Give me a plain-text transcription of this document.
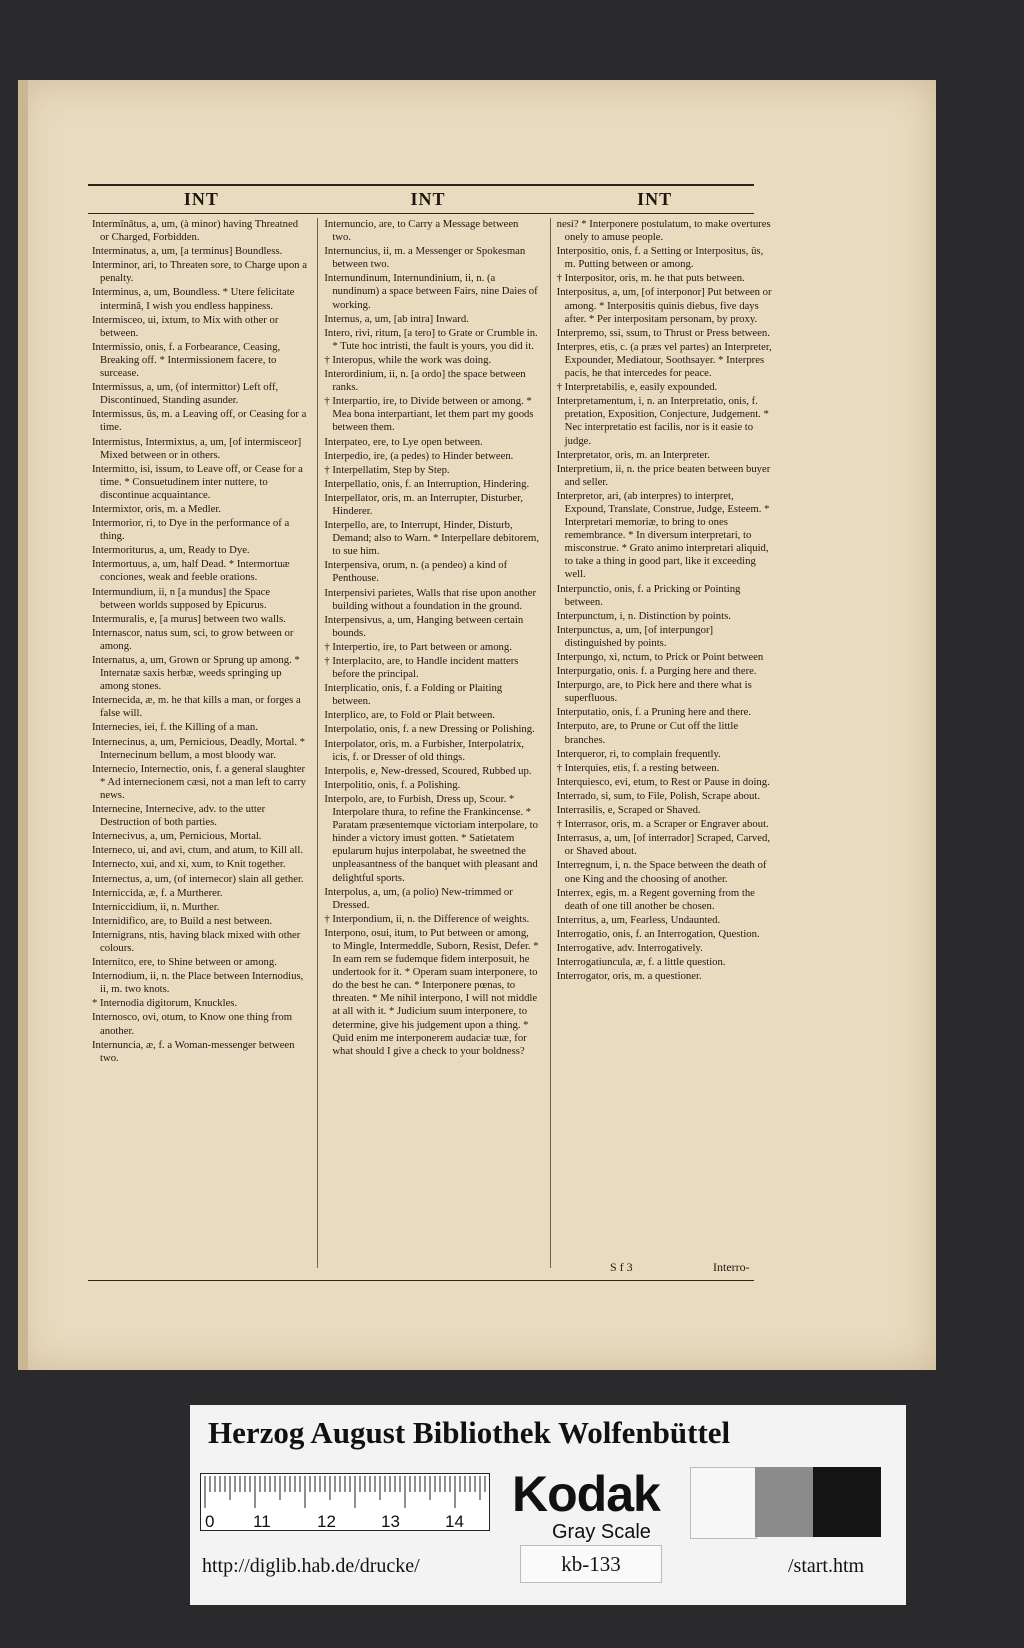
INT	INT	INT

Intermīnātus, a, um, (à minor) having Threatned or Charged, Forbidden.

Interminatus, a, um, [a terminus] Boundless.

Interminor, ari, to Threaten sore, to Charge upon a penalty.

Interminus, a, um, Boundless. * Utere felicitate interminâ, I wish you endless happiness.

Intermisceo, ui, ixtum, to Mix with other or between.

Intermissio, onis, f. a Forbearance, Ceasing, Breaking off. * Intermissionem facere, to surcease.

Intermissus, a, um, (of intermittor) Left off, Discontinued, Standing asunder.

Intermissus, ûs, m. a Leaving off, or Ceasing for a time.

Intermistus, Intermixtus, a, um, [of intermisceor] Mixed between or in others.

Intermitto, isi, issum, to Leave off, or Cease for a time. * Consuetudinem inter nuttere, to discontinue acquaintance.

Intermixtor, oris, m. a Medler.

Intermorior, ri, to Dye in the performance of a thing.

Intermoriturus, a, um, Ready to Dye.

Intermortuus, a, um, half Dead. * Intermortuæ conciones, weak and feeble orations.

Intermundium, ii, n [a mundus] the Space between worlds supposed by Epicurus.

Intermuralis, e, [a murus] between two walls.

Internascor, natus sum, sci, to grow between or among.

Internatus, a, um, Grown or Sprung up among. * Internatæ saxis herbæ, weeds springing up among stones.

Internecida, æ, m. he that kills a man, or forges a false will.

Internecies, iei, f. the Killing of a man.

Internecinus, a, um, Pernicious, Deadly, Mortal. * Internecinum bellum, a most bloody war.

Internecio, Internectio, onis, f. a general slaughter * Ad internecionem cæsi, not a man left to carry news.

Internecine, Internecive, adv. to the utter Destruction of both parties.

Internecivus, a, um, Pernicious, Mortal.

Interneco, ui, and avi, ctum, and atum, to Kill all.

Internecto, xui, and xi, xum, to Knit together.

Internectus, a, um, (of internecor) slain all gether.

Interniccida, æ, f. a Murtherer.

Interniccidium, ii, n. Murther.

Internidifico, are, to Build a nest between.

Internigrans, ntis, having black mixed with other colours.

Internitco, ere, to Shine between or among.

Internodium, ii, n. the Place between Internodius, ii, m. two knots.

* Internodia digitorum, Knuckles.

Internosco, ovi, otum, to Know one thing from another.

Internuncia, æ, f. a Woman-messenger between two.

Internuncio, are, to Carry a Message between two.

Internuncius, ii, m. a Messenger or Spokesman between two.

Internundinum, Internundinium, ii, n. (a nundinum) a space between Fairs, nine Daies of working.

Internus, a, um, [ab intra] Inward.

Intero, rivi, ritum, [a tero] to Grate or Crumble in. * Tute hoc intristi, the fault is yours, you did it.

† Interopus, while the work was doing.

Interordinium, ii, n. [a ordo] the space between ranks.

† Interpartio, ire, to Divide between or among. * Mea bona interpartiant, let them part my goods between them.

Interpateo, ere, to Lye open between.

Interpedio, ire, (a pedes) to Hinder between.

† Interpellatim, Step by Step.

Interpellatio, onis, f. an Interruption, Hindering.

Interpellator, oris, m. an Interrupter, Disturber, Hinderer.

Interpello, are, to Interrupt, Hinder, Disturb, Demand; also to Warn. * Interpellare debitorem, to sue him.

Interpensiva, orum, n. (a pendeo) a kind of Penthouse.

Interpensivi parietes, Walls that rise upon another building without a foundation in the ground.

Interpensivus, a, um, Hanging between certain bounds.

† Interpertio, ire, to Part between or among.

† Interplacito, are, to Handle incident matters before the principal.

Interplicatio, onis, f. a Folding or Plaiting between.

Interplico, are, to Fold or Plait between.

Interpolatio, onis, f. a new Dressing or Polishing.

Interpolator, oris, m. a Furbisher, Interpolatrix, icis, f. or Dresser of old things.

Interpolis, e, New-dressed, Scoured, Rubbed up.

Interpolitio, onis, f. a Polishing.

Interpolo, are, to Furbish, Dress up, Scour. * Interpolare thura, to refine the Frankincense. * Paratam præsentemque victoriam interpolare, to hinder a victory imust gotten. * Satietatem epularum hujus interpolabat, he sweetned the unpleasantness of the banquet with pleasant and delightful sports.

Interpolus, a, um, (a polio) New-trimmed or Dressed.

† Interpondium, ii, n. the Difference of weights.

Interpono, osui, itum, to Put between or among, to Mingle, Intermeddle, Suborn, Resist, Defer. * In eam rem se fudemque fidem interposuit, he undertook for it. * Operam suam interponere, to do the best he can. * Interponere pœnas, to threaten. * Me nihil interpono, I will not middle at all with it. * Judicium suum interponere, to determine, give his judgement upon a thing. * Quid enim me interponerem audaciæ tuæ, for what should I give a check to your boldness?

nesi? * Interponere postulatum, to make overtures onely to amuse people.

Interpositio, onis, f. a Setting or Interpositus, ûs, m. Putting between or among.

† Interpositor, oris, m. he that puts between.

Interpositus, a, um, [of interponor] Put between or among. * Interpositis quinis diebus, five days after. * Per interpositam personam, by proxy.

Interpremo, ssi, ssum, to Thrust or Press between.

Interpres, etis, c. (a præs vel partes) an Interpreter, Expounder, Mediatour, Soothsayer. * Interpres pacis, he that intercedes for peace.

† Interpretabilis, e, easily expounded.

Interpretamentum, i, n. an Interpretatio, onis, f. pretation, Exposition, Conjecture, Judgement. * Nec interpretatio est facilis, nor is it easie to judge.

Interpretator, oris, m. an Interpreter.

Interpretium, ii, n. the price beaten between buyer and seller.

Interpretor, ari, (ab interpres) to interpret, Expound, Translate, Construe, Judge, Esteem. * Interpretari memoriæ, to bring to ones remembrance. * In diversum interpretari, to misconstrue. * Grato animo interpretari aliquid, to take a thing in good part, like it exceeding well.

Interpunctio, onis, f. a Pricking or Pointing between.

Interpunctum, i, n. Distinction by points.

Interpunctus, a, um, [of interpungor] distinguished by points.

Interpungo, xi, nctum, to Prick or Point between

Interpurgatio, onis. f. a Purging here and there.

Interpurgo, are, to Pick here and there what is superfluous.

Interputatio, onis, f. a Pruning here and there.

Interputo, are, to Prune or Cut off the little branches.

Interqueror, ri, to complain frequently.

† Interquies, etis, f. a resting between.

Interquiesco, evi, etum, to Rest or Pause in doing.

Interrado, si, sum, to File, Polish, Scrape about.

Interrasilis, e, Scraped or Shaved.

† Interrasor, oris, m. a Scraper or Engraver about.

Interrasus, a, um, [of interrador] Scraped, Carved, or Shaved about.

Interregnum, i, n. the Space between the death of one King and the choosing of another.

Interrex, egis, m. a Regent governing from the death of one till another be chosen.

Interritus, a, um, Fearless, Undaunted.

Interrogatio, onis, f. an Interrogation, Question.

Interrogative, adv. Interrogatively.

Interrogatiuncula, æ, f. a little question.

Interrogator, oris, m. a questioner.

S f 3	Interro-
Herzog August Bibliothek Wolfenbüttel
0 11	12	13	14 Kodak
Gray Scale
http://diglib.hab.de/drucke/	kb-133	/start.htm
